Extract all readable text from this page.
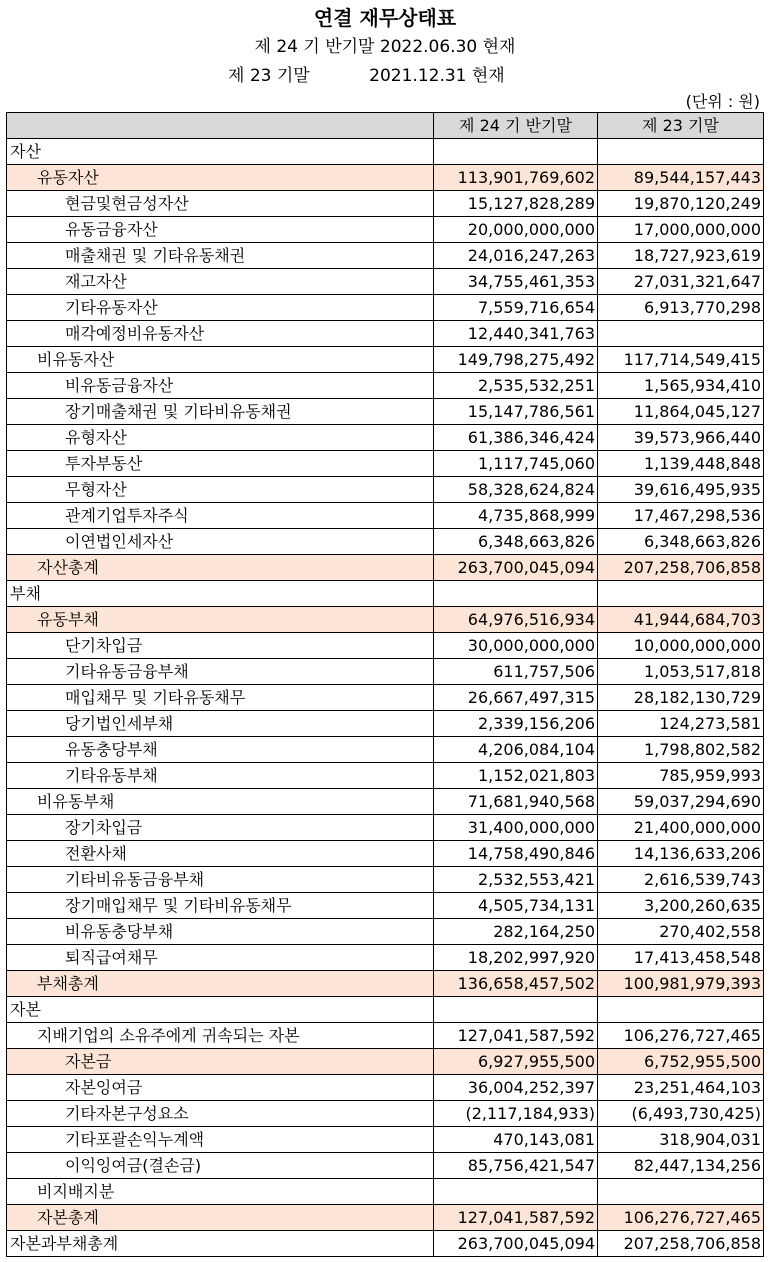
연결 재무상태표
제 24 기 반기말 2022.06.30 현재
제 23 기말           2021.12.31 현재
(단위 : 원)
	제 24 기 반기말	제 23 기말
자산		
유동자산	113,901,769,602	89,544,157,443
현금및현금성자산	15,127,828,289	19,870,120,249
유동금융자산	20,000,000,000	17,000,000,000
매출채권 및 기타유동채권	24,016,247,263	18,727,923,619
재고자산	34,755,461,353	27,031,321,647
기타유동자산	7,559,716,654	6,913,770,298
매각예정비유동자산	12,440,341,763	
비유동자산	149,798,275,492	117,714,549,415
비유동금융자산	2,535,532,251	1,565,934,410
장기매출채권 및 기타비유동채권	15,147,786,561	11,864,045,127
유형자산	61,386,346,424	39,573,966,440
투자부동산	1,117,745,060	1,139,448,848
무형자산	58,328,624,824	39,616,495,935
관계기업투자주식	4,735,868,999	17,467,298,536
이연법인세자산	6,348,663,826	6,348,663,826
자산총계	263,700,045,094	207,258,706,858
부채		
유동부채	64,976,516,934	41,944,684,703
단기차입금	30,000,000,000	10,000,000,000
기타유동금융부채	611,757,506	1,053,517,818
매입채무 및 기타유동채무	26,667,497,315	28,182,130,729
당기법인세부채	2,339,156,206	124,273,581
유동충당부채	4,206,084,104	1,798,802,582
기타유동부채	1,152,021,803	785,959,993
비유동부채	71,681,940,568	59,037,294,690
장기차입금	31,400,000,000	21,400,000,000
전환사채	14,758,490,846	14,136,633,206
기타비유동금융부채	2,532,553,421	2,616,539,743
장기매입채무 및 기타비유동채무	4,505,734,131	3,200,260,635
비유동충당부채	282,164,250	270,402,558
퇴직급여채무	18,202,997,920	17,413,458,548
부채총계	136,658,457,502	100,981,979,393
자본		
지배기업의 소유주에게 귀속되는 자본	127,041,587,592	106,276,727,465
자본금	6,927,955,500	6,752,955,500
자본잉여금	36,004,252,397	23,251,464,103
기타자본구성요소	(2,117,184,933)	(6,493,730,425)
기타포괄손익누계액	470,143,081	318,904,031
이익잉여금(결손금)	85,756,421,547	82,447,134,256
비지배지분		
자본총계	127,041,587,592	106,276,727,465
자본과부채총계	263,700,045,094	207,258,706,858
